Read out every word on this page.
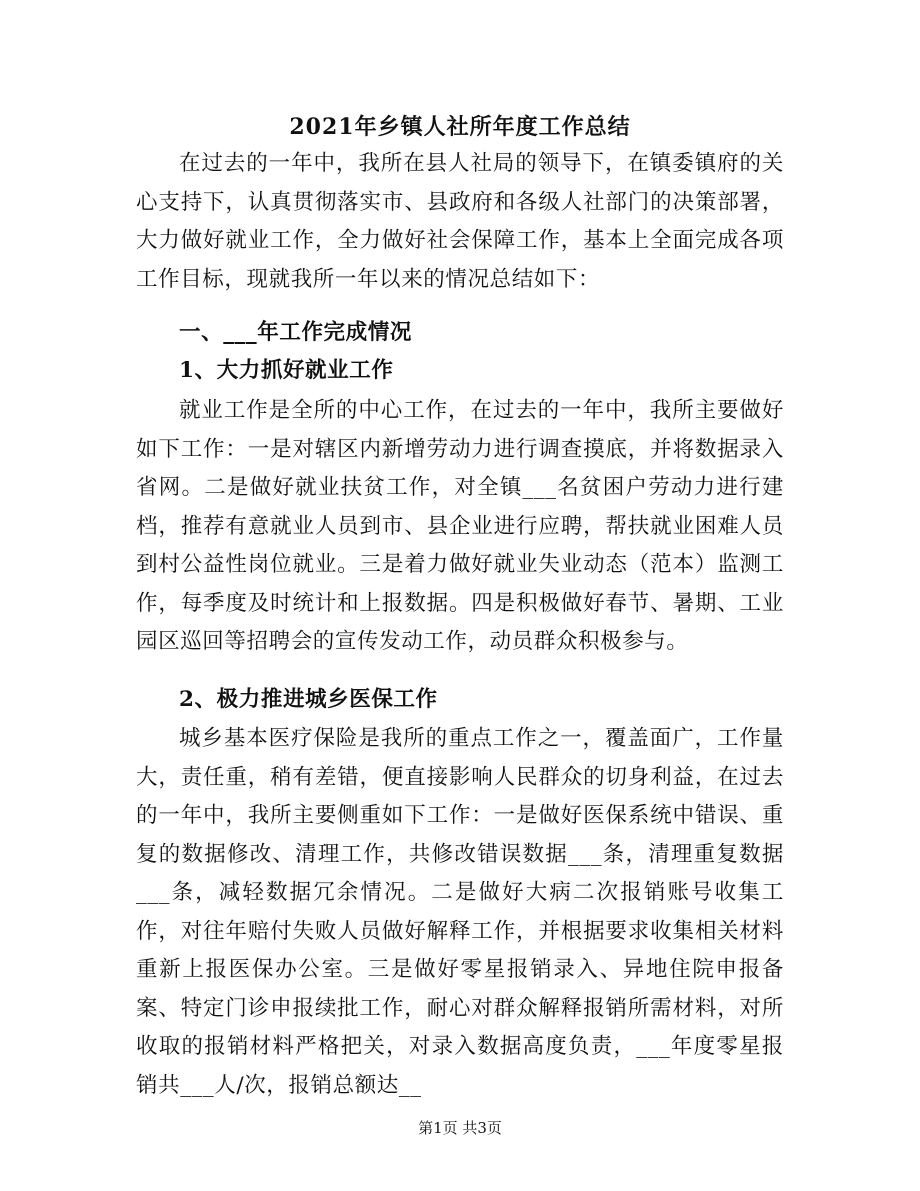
2021年乡镇人社所年度工作总结

在过去的一年中，我所在县人社局的领导下，在镇委镇府的关心支持下，认真贯彻落实市、县政府和各级人社部门的决策部署，大力做好就业工作，全力做好社会保障工作，基本上全面完成各项工作目标，现就我所一年以来的情况总结如下：

一、___年工作完成情况

1、大力抓好就业工作

就业工作是全所的中心工作，在过去的一年中，我所主要做好如下工作：一是对辖区内新增劳动力进行调查摸底，并将数据录入省网。二是做好就业扶贫工作，对全镇___名贫困户劳动力进行建档，推荐有意就业人员到市、县企业进行应聘，帮扶就业困难人员到村公益性岗位就业。三是着力做好就业失业动态（范本）监测工作，每季度及时统计和上报数据。四是积极做好春节、暑期、工业园区巡回等招聘会的宣传发动工作，动员群众积极参与。

2、极力推进城乡医保工作

城乡基本医疗保险是我所的重点工作之一，覆盖面广，工作量大，责任重，稍有差错，便直接影响人民群众的切身利益，在过去的一年中，我所主要侧重如下工作：一是做好医保系统中错误、重复的数据修改、清理工作，共修改错误数据___条，清理重复数据___条，减轻数据冗余情况。二是做好大病二次报销账号收集工作，对往年赔付失败人员做好解释工作，并根据要求收集相关材料重新上报医保办公室。三是做好零星报销录入、异地住院申报备案、特定门诊申报续批工作，耐心对群众解释报销所需材料，对所收取的报销材料严格把关，对录入数据高度负责，___年度零星报销共___人/次，报销总额达__

第1页 共3页
